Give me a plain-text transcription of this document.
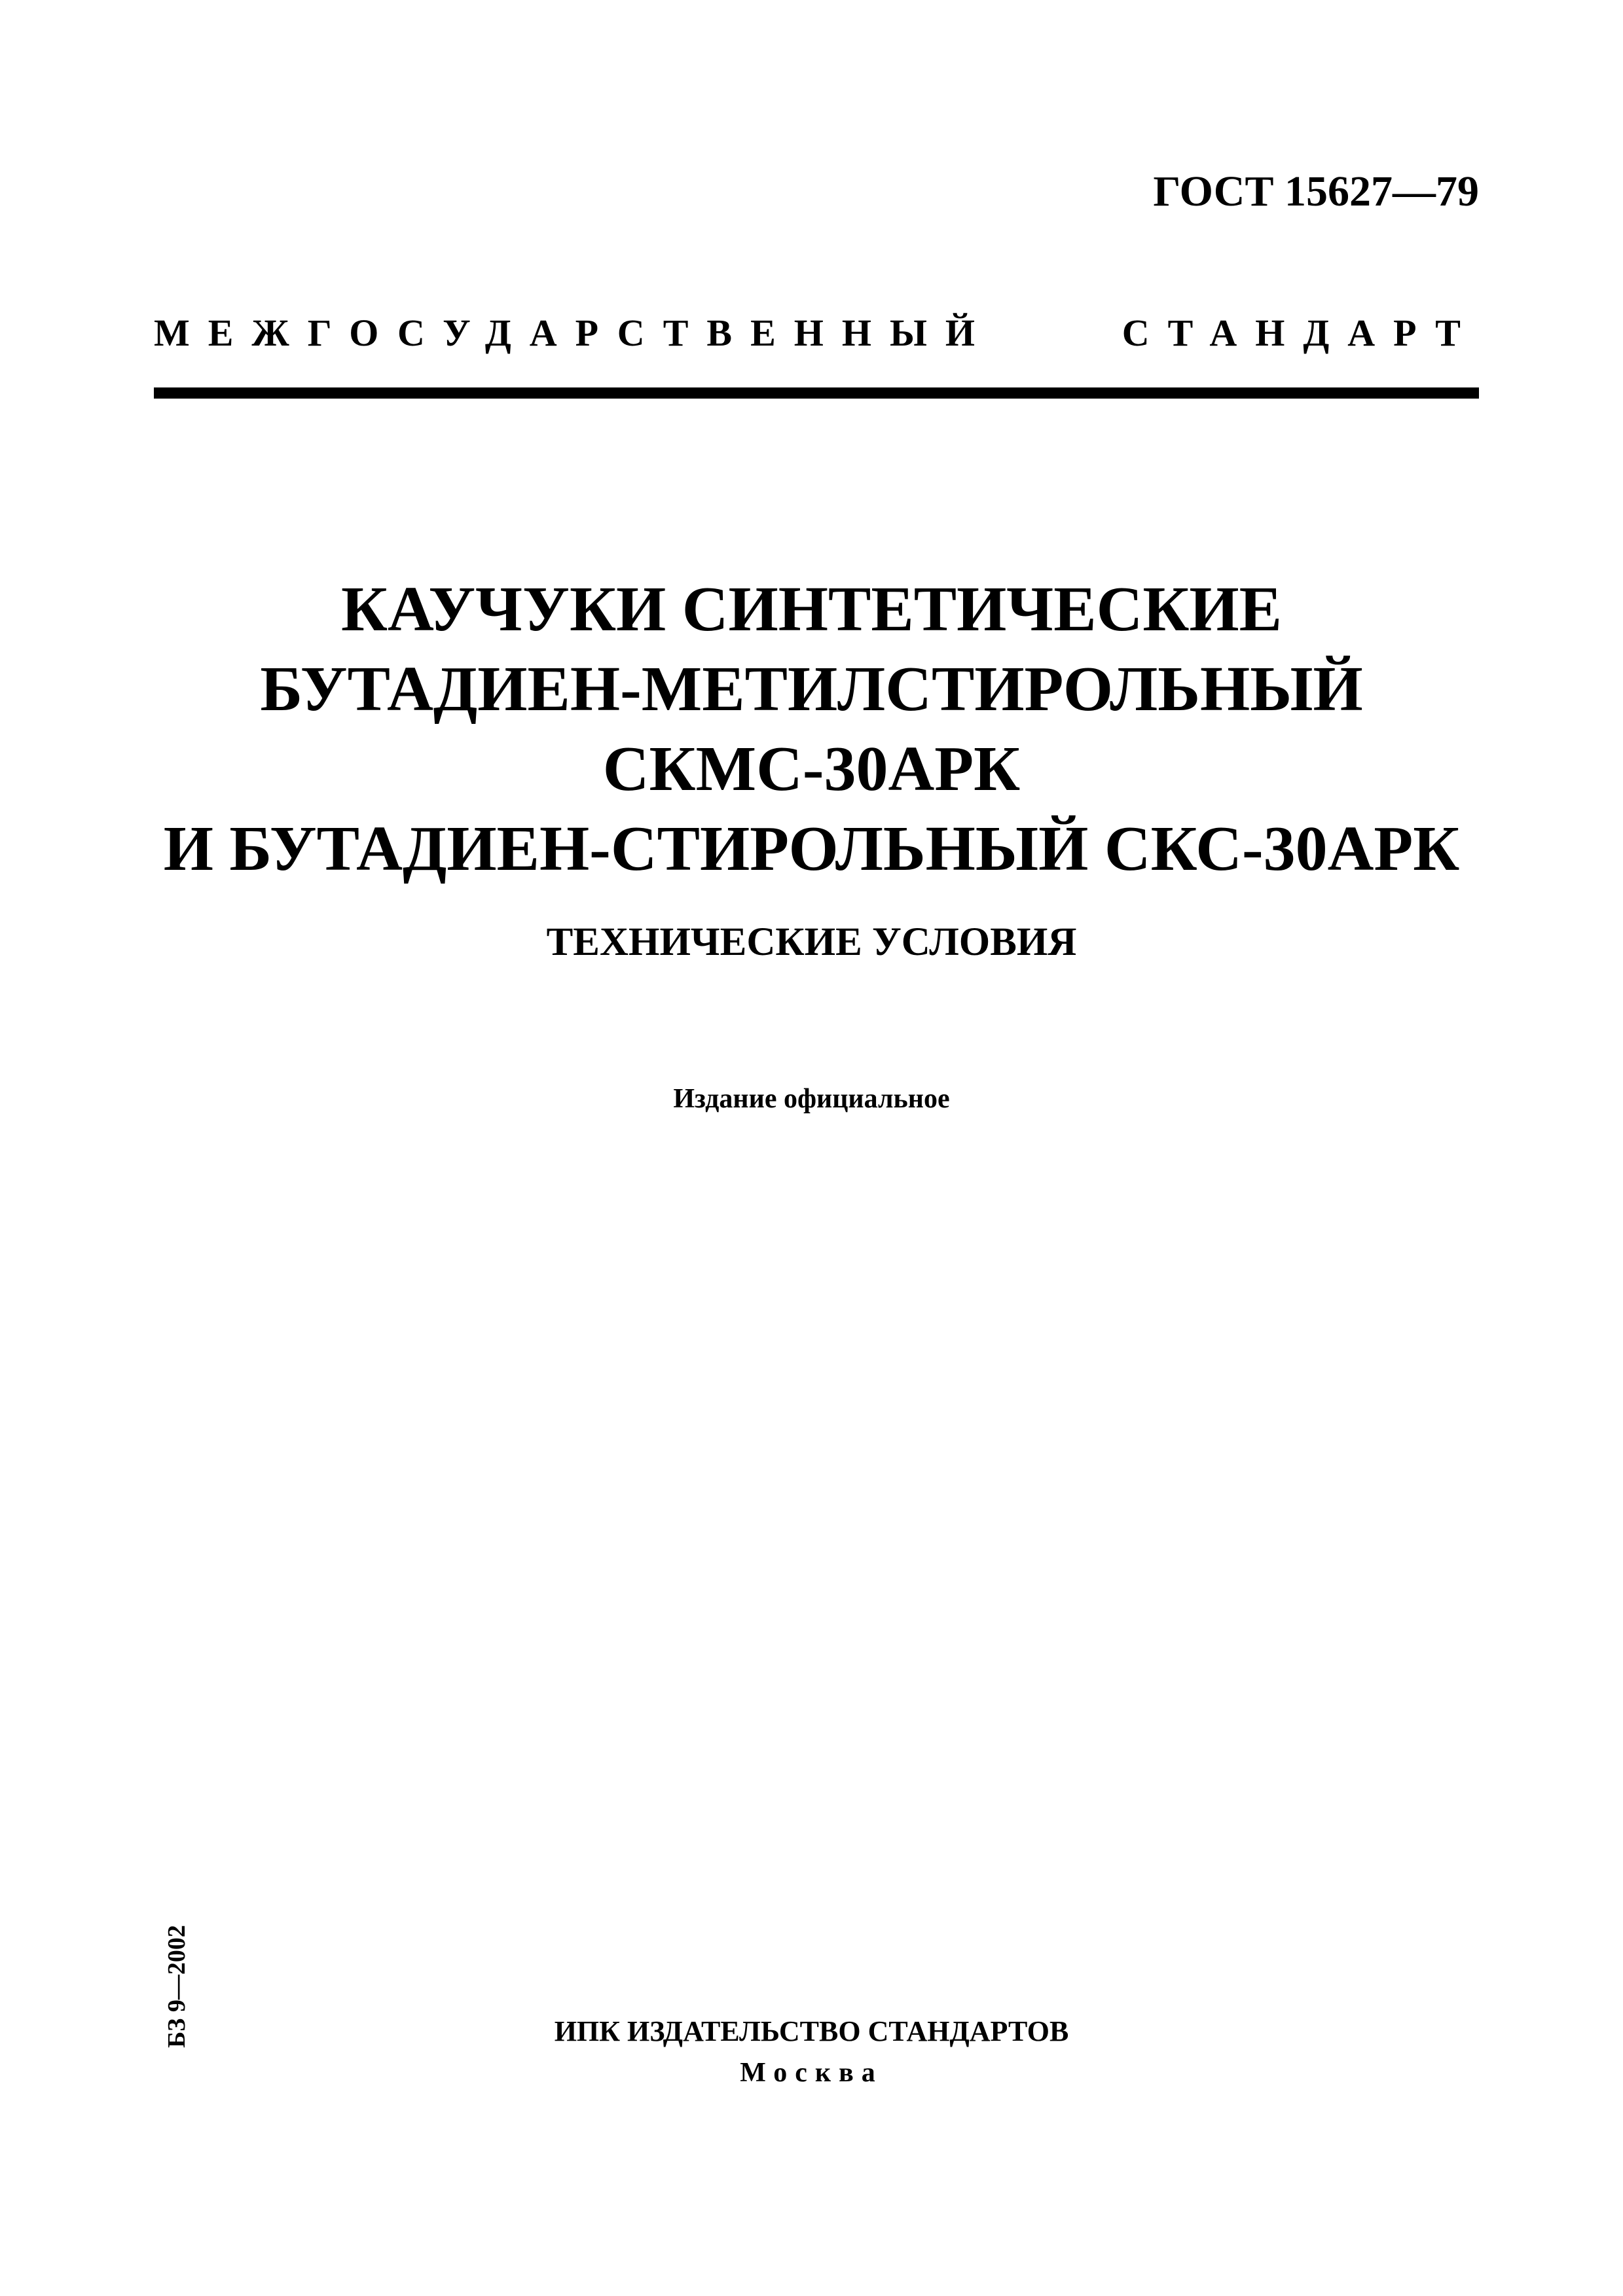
ГОСТ 15627—79
МЕЖГОСУДАРСТВЕННЫЙ	СТАНДАРТ
КАУЧУКИ СИНТЕТИЧЕСКИЕ
БУТАДИЕН-МЕТИЛСТИРОЛЬНЫЙ
СКМС-30АРК
И БУТАДИЕН-СТИРОЛЬНЫЙ СКС-30АРК
ТЕХНИЧЕСКИЕ УСЛОВИЯ
Издание официальное
БЗ 9—2002	ИПК ИЗДАТЕЛЬСТВО СТАНДАРТОВ
Москва
